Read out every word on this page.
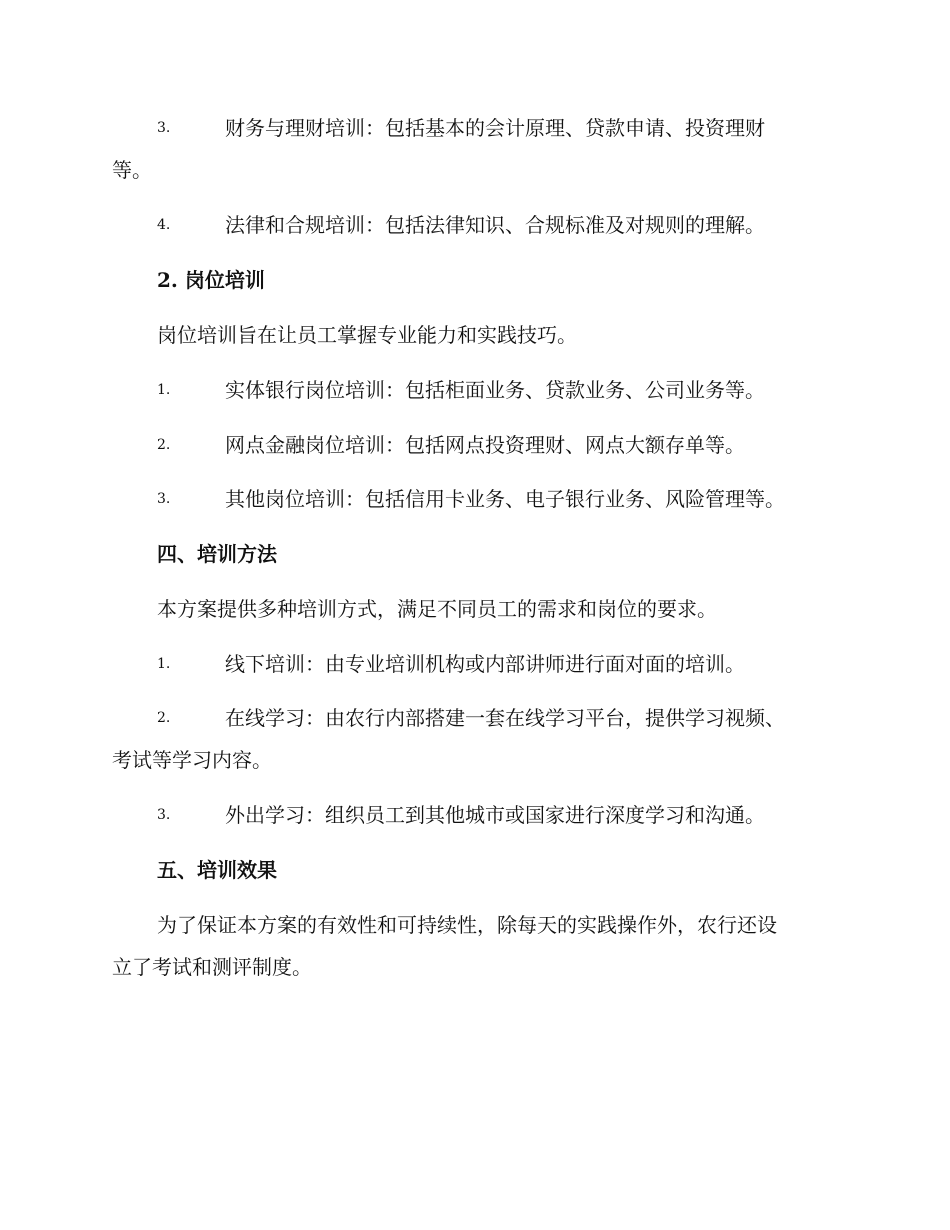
3.	财务与理财培训：包括基本的会计原理、贷款申请、投资理财
等。
4.	法律和合规培训：包括法律知识、合规标准及对规则的理解。
2. 岗位培训
岗位培训旨在让员工掌握专业能力和实践技巧。
1.	实体银行岗位培训：包括柜面业务、贷款业务、公司业务等。
2.	网点金融岗位培训：包括网点投资理财、网点大额存单等。
3.	其他岗位培训：包括信用卡业务、电子银行业务、风险管理等。
四、培训方法
本方案提供多种培训方式，满足不同员工的需求和岗位的要求。
1.	线下培训：由专业培训机构或内部讲师进行面对面的培训。
2.	在线学习：由农行内部搭建一套在线学习平台，提供学习视频、
考试等学习内容。
3.	外出学习：组织员工到其他城市或国家进行深度学习和沟通。
五、培训效果
为了保证本方案的有效性和可持续性，除每天的实践操作外，农行还设
立了考试和测评制度。
